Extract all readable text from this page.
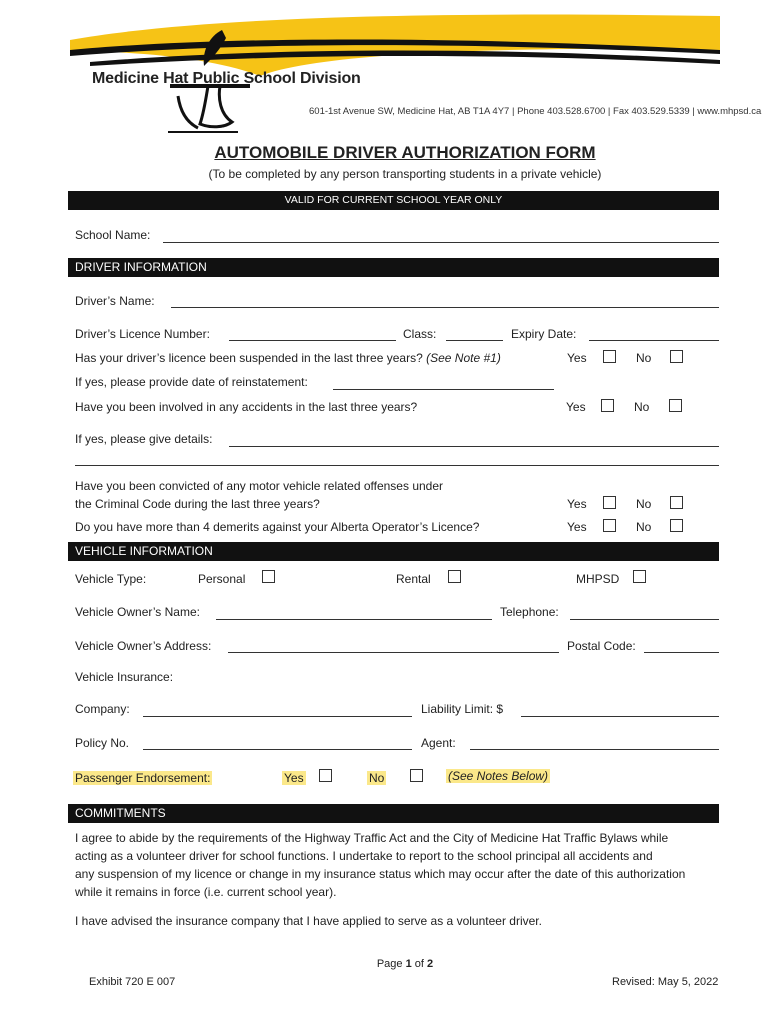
Medicine Hat Public School Division
601-1st Avenue SW, Medicine Hat, AB T1A 4Y7 | Phone 403.528.6700 | Fax 403.529.5339 | www.mhpsd.ca
AUTOMOBILE DRIVER AUTHORIZATION FORM
(To be completed by any person transporting students in a private vehicle)
VALID FOR CURRENT SCHOOL YEAR ONLY
School Name:
DRIVER INFORMATION
Driver’s Name:
Driver’s Licence Number:	Class:	Expiry Date:
Has your driver’s licence been suspended in the last three years? (See Note #1)	Yes	No
If yes, please provide date of reinstatement:
Have you been involved in any accidents in the last three years?	Yes	No
If yes, please give details:
Have you been convicted of any motor vehicle related offenses under
the Criminal Code during the last three years?	Yes	No
Do you have more than 4 demerits against your Alberta Operator’s Licence?	Yes	No
VEHICLE INFORMATION
Vehicle Type:	Personal	Rental	MHPSD
Vehicle Owner’s Name:	Telephone:
Vehicle Owner’s Address:	Postal Code:
Vehicle Insurance:
Company:	Liability Limit: $
Policy No.	Agent:
Passenger Endorsement:	Yes	No	(See Notes Below)
COMMITMENTS
I agree to abide by the requirements of the Highway Traffic Act and the City of Medicine Hat Traffic Bylaws while
acting as a volunteer driver for school functions. I undertake to report to the school principal all accidents and
any suspension of my licence or change in my insurance status which may occur after the date of this authorization
while it remains in force (i.e. current school year).
I have advised the insurance company that I have applied to serve as a volunteer driver.
Page 1 of 2
Exhibit 720 E 007	Revised: May 5, 2022
